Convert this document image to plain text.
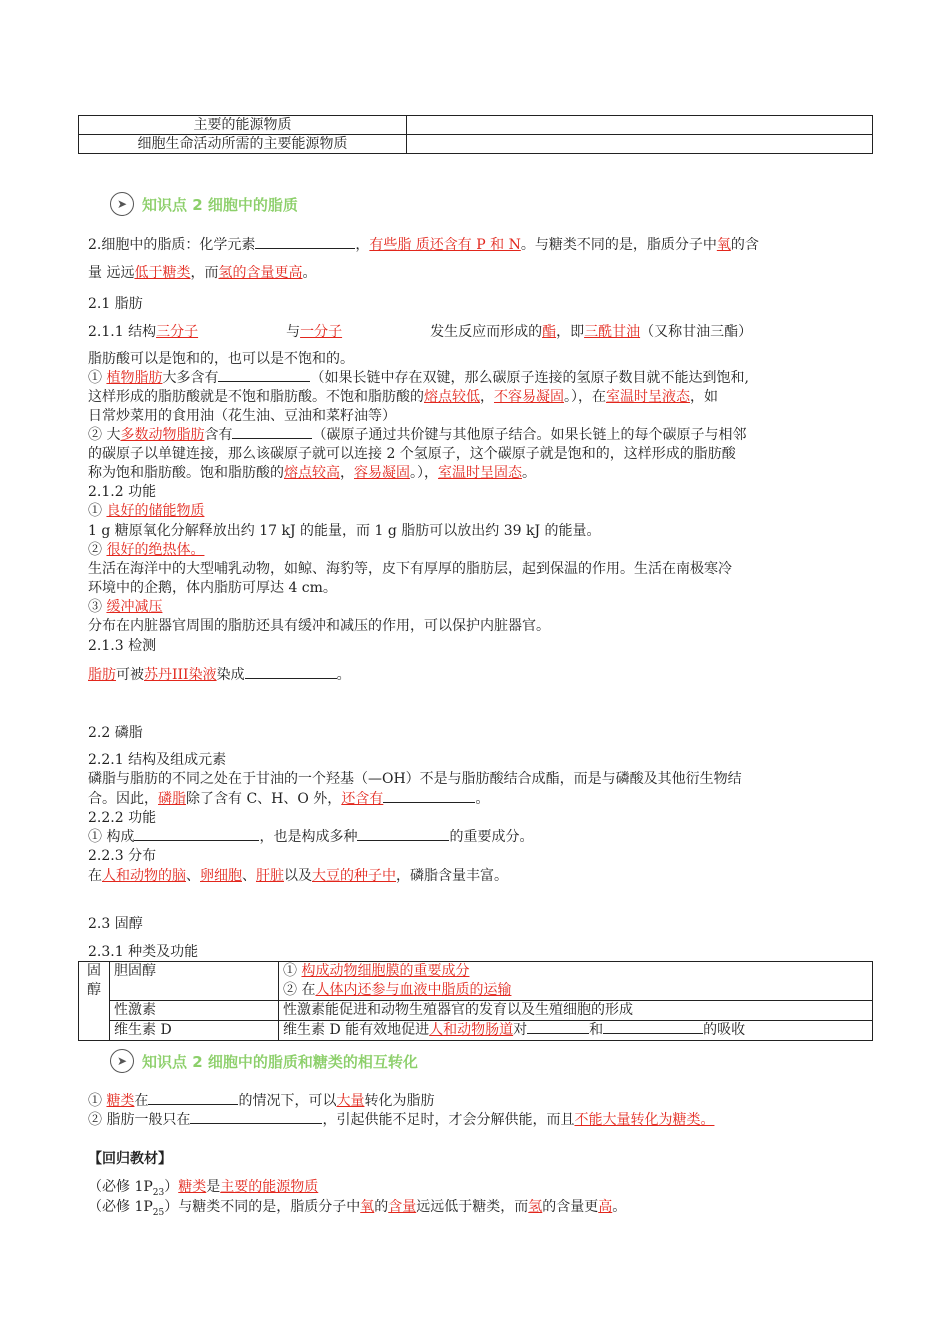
主要的能源物质	
细胞生命活动所需的主要能源物质	
➤ 知识点 2 细胞中的脂质
2.细胞中的脂质：化学元素	，有些脂 质还含有 P 和 N。与糖类不同的是，脂质分子中氧的含
量 远远低于糖类，而氢的含量更高。
2.1 脂肪
2.1.1 结构三分子	与一分子	发生反应而形成的酯，即三酰甘油（又称甘油三酯）
脂肪酸可以是饱和的，也可以是不饱和的。
① 植物脂肪大多含有	（如果长链中存在双键，那么碳原子连接的氢原子数目就不能达到饱和,
这样形成的脂肪酸就是不饱和脂肪酸。不饱和脂肪酸的熔点较低，不容易凝固。），在室温时呈液态，如
日常炒菜用的食用油（花生油、豆油和菜籽油等）
② 大多数动物脂肪含有	（碳原子通过共价键与其他原子结合。如果长链上的每个碳原子与相邻
的碳原子以单键连接，那么该碳原子就可以连接 2 个氢原子，这个碳原子就是饱和的，这样形成的脂肪酸
称为饱和脂肪酸。饱和脂肪酸的熔点较高，容易凝固。），室温时呈固态。
2.1.2 功能
① 良好的储能物质
1 g 糖原氧化分解释放出约 17 kJ 的能量，而 1 g 脂肪可以放出约 39 kJ 的能量。
② 很好的绝热体。
生活在海洋中的大型哺乳动物，如鲸、海豹等，皮下有厚厚的脂肪层，起到保温的作用。生活在南极寒冷
环境中的企鹅，体内脂肪可厚达 4 cm。
③ 缓冲减压
分布在内脏器官周围的脂肪还具有缓冲和减压的作用，可以保护内脏器官。
2.1.3 检测
脂肪可被苏丹III染液染成	。
2.2 磷脂
2.2.1 结构及组成元素
磷脂与脂肪的不同之处在于甘油的一个羟基（—OH）不是与脂肪酸结合成酯，而是与磷酸及其他衍生物结
合。因此，磷脂除了含有 C、H、O 外，还含有	。
2.2.2 功能
① 构成	，也是构成多种	的重要成分。
2.2.3 分布
在人和动物的脑、卵细胞、肝脏以及大豆的种子中，磷脂含量丰富。
2.3 固醇
2.3.1 种类及功能
固醇	胆固醇	① 构成动物细胞膜的重要成分
② 在人体内还参与血液中脂质的运输

	性激素	性激素能促进和动物生殖器官的发育以及生殖细胞的形成
	维生素 D	维生素 D 能有效地促进人和动物肠道对 和 的吸收
➤ 知识点 2 细胞中的脂质和糖类的相互转化
① 糖类在	的情况下，可以大量转化为脂肪
② 脂肪一般只在	，引起供能不足时，才会分解供能，而且不能大量转化为糖类。
【回归教材】
（必修 $1P_{23}$）糖类是主要的能源物质
（必修 $1P_{25}$）与糖类不同的是，脂质分子中氧的含量远远低于糖类，而氢的含量更高。
